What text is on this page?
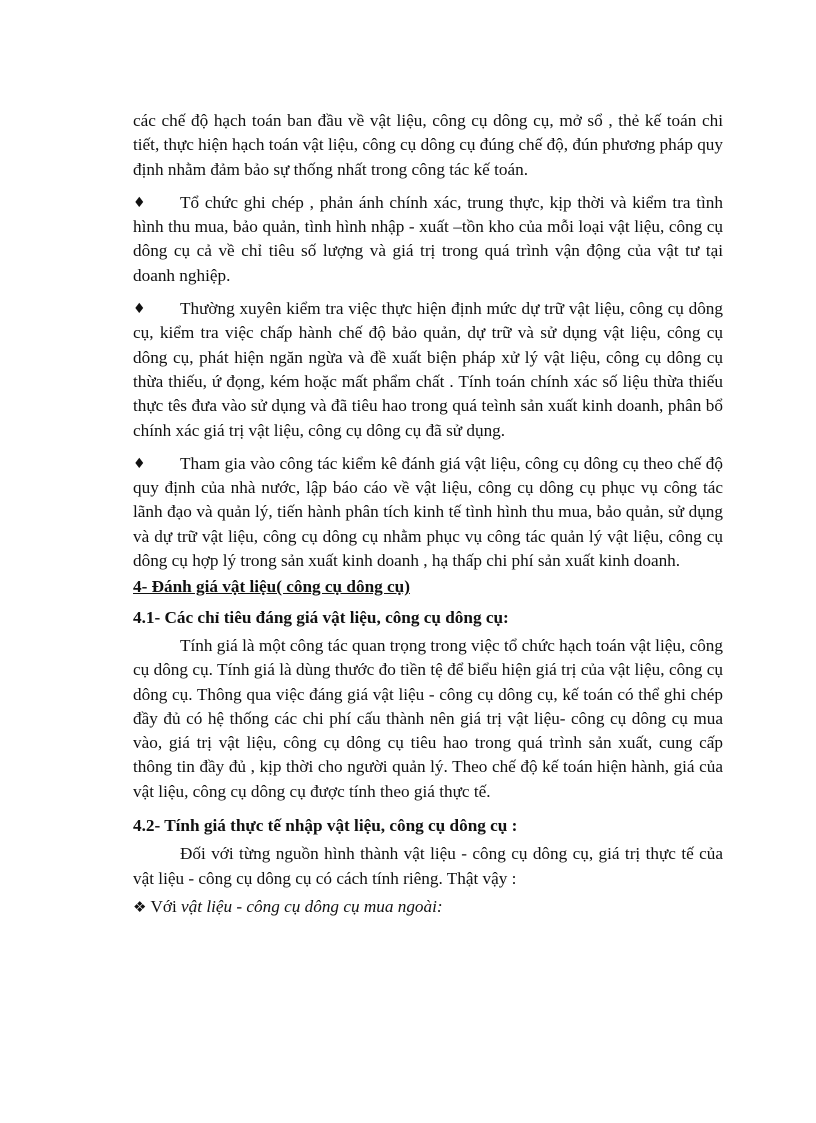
các chế độ hạch toán ban đầu về vật liệu, công cụ dông cụ, mở sổ , thẻ kế toán chi tiết, thực hiện hạch toán vật liệu, công cụ dông cụ đúng chế độ, đún phương pháp quy định nhằm đảm bảo sự thống nhất trong công tác kế toán.

♦	Tổ chức ghi chép , phản ánh chính xác, trung thực, kịp thời và kiểm tra tình hình thu mua, bảo quản, tình hình nhập - xuất –tồn kho của mỗi loại vật liệu, công cụ dông cụ cả về chỉ tiêu số lượng và giá trị trong quá trình vận động của vật tư tại doanh nghiệp.

♦	Thường xuyên kiểm tra việc thực hiện định mức dự trữ vật liệu, công cụ dông cụ, kiểm tra việc chấp hành chế độ bảo quản, dự trữ và sử dụng vật liệu, công cụ dông cụ, phát hiện ngăn ngừa và đề xuất biện pháp xử lý vật liệu, công cụ dông cụ thừa thiếu, ứ đọng, kém hoặc mất phẩm chất . Tính toán chính xác số liệu thừa thiếu thực tês đưa vào sử dụng và đã tiêu hao trong quá teình sản xuất kinh doanh, phân bổ chính xác giá trị vật liệu, công cụ dông cụ đã sử dụng.

♦	Tham gia vào công tác kiểm kê đánh giá vật liệu, công cụ dông cụ theo chế độ quy định của nhà nước, lập báo cáo về vật liệu, công cụ dông cụ phục vụ công tác lãnh đạo và quản lý, tiến hành phân tích kinh tế tình hình thu mua, bảo quản, sử dụng và dự trữ vật liệu, công cụ dông cụ nhằm phục vụ công tác quản lý vật liệu, công cụ dông cụ hợp lý trong sản xuất kinh doanh , hạ thấp chi phí sản xuất kinh doanh.

4- Đánh giá vật liệu( công cụ dông cụ)

4.1- Các chỉ tiêu đáng giá vật liệu, công cụ dông cụ:

Tính giá là một công tác quan trọng trong việc tổ chức hạch toán vật liệu, công cụ dông cụ. Tính giá là dùng thước đo tiền tệ để biểu hiện giá trị của vật liệu, công cụ dông cụ. Thông qua việc đáng giá vật liệu - công cụ dông cụ, kế toán có thể ghi chép đầy đủ có hệ thống các chi phí cấu thành nên giá trị vật liệu- công cụ dông cụ mua vào, giá trị vật liệu, công cụ dông cụ tiêu hao trong quá trình sản xuất, cung cấp thông tin đầy đủ , kịp thời cho người quản lý. Theo chế độ kế toán hiện hành, giá của vật liệu, công cụ dông cụ được tính theo giá thực tế.

4.2- Tính giá thực tế nhập vật liệu, công cụ dông cụ :

Đối với từng nguồn hình thành vật liệu - công cụ dông cụ, giá trị thực tế của vật liệu - công cụ dông cụ có cách tính riêng. Thật vậy :

❖ Với vật liệu - công cụ dông cụ mua ngoài:
